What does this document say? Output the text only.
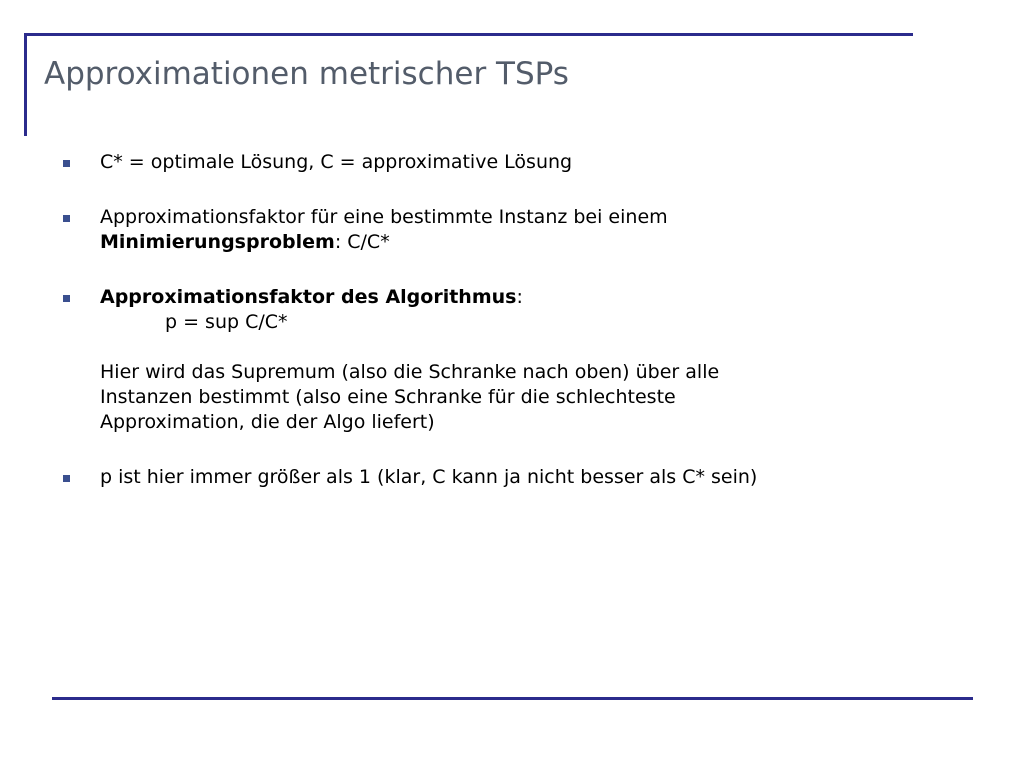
Approximationen metrischer TSPs
C* = optimale Lösung, C = approximative Lösung
Approximationsfaktor für eine bestimmte Instanz bei einem
Minimierungsproblem: C/C*
Approximationsfaktor des Algorithmus:
p = sup C/C*
Hier wird das Supremum (also die Schranke nach oben) über alle
Instanzen bestimmt (also eine Schranke für die schlechteste
Approximation, die der Algo liefert)
p ist hier immer größer als 1 (klar, C kann ja nicht besser als C* sein)
